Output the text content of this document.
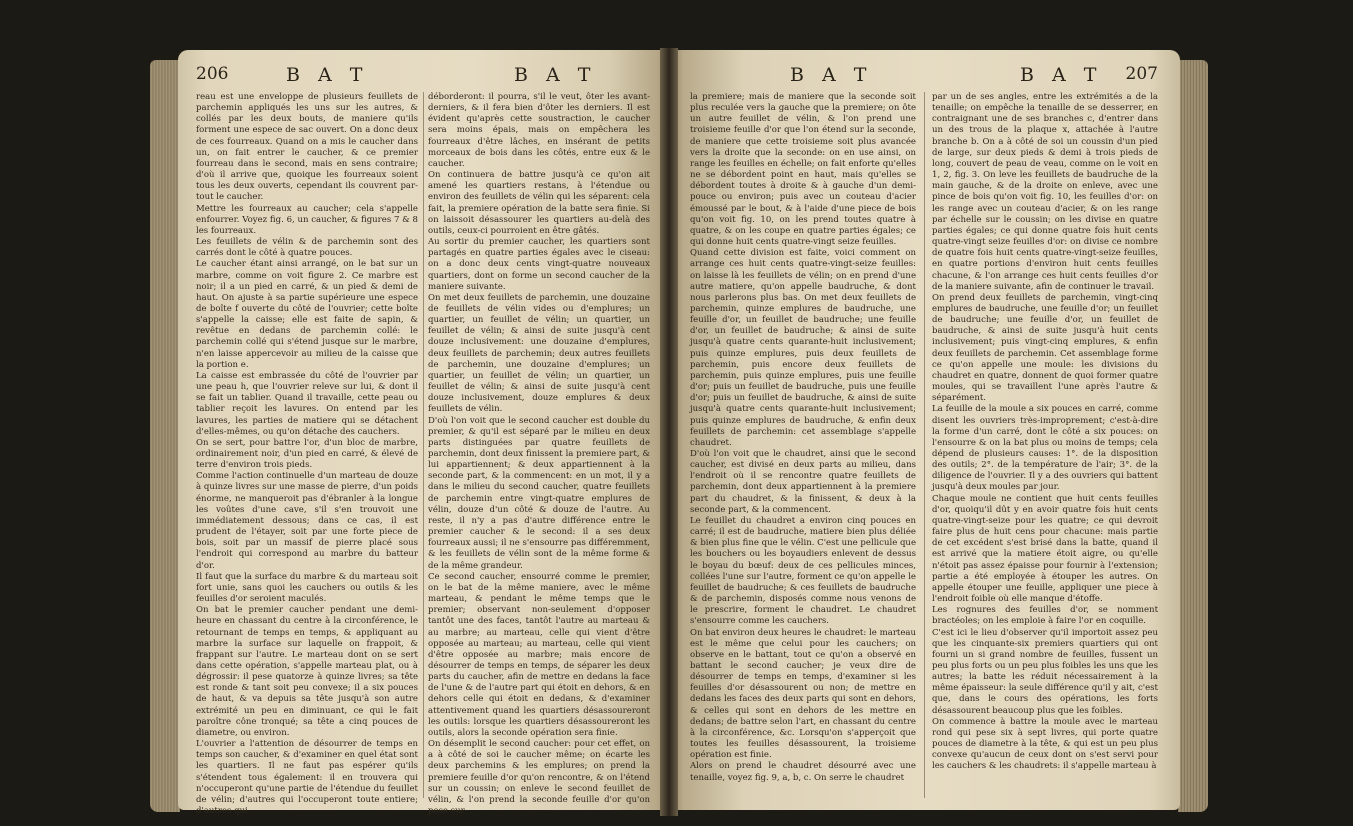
206	B A T	B A T
reau est une enveloppe de plusieurs feuillets de parchemin appliqués les uns sur les autres, & collés par les deux bouts, de maniere qu'ils forment une espece de sac ouvert. On a donc deux de ces fourreaux. Quand on a mis le caucher dans un, on fait entrer le caucher, & ce premier fourreau dans le second, mais en sens contraire; d'où il arrive que, quoique les fourreaux soient tous les deux ouverts, cependant ils couvrent par-tout le caucher.
Mettre les fourreaux au caucher; cela s'appelle enfourrer. Voyez fig. 6, un caucher, & figures 7 & 8 les fourreaux.
Les feuillets de vélin & de parchemin sont des carrés dont le côté à quatre pouces.
Le caucher étant ainsi arrangé, on le bat sur un marbre, comme on voit figure 2. Ce marbre est noir; il a un pied en carré, & un pied & demi de haut. On ajuste à sa partie supérieure une espece de boîte f ouverte du côté de l'ouvrier; cette boîte s'appelle la caisse; elle est faite de sapin, & revêtue en dedans de parchemin collé: le parchemin collé qui s'étend jusque sur le marbre, n'en laisse appercevoir au milieu de la caisse que la portion e.
La caisse est embrassée du côté de l'ouvrier par une peau h, que l'ouvrier releve sur lui, & dont il se fait un tablier. Quand il travaille, cette peau ou tablier reçoit les lavures. On entend par les lavures, les parties de matiere qui se détachent d'elles-mêmes, ou qu'on détache des cauchers.
On se sert, pour battre l'or, d'un bloc de marbre, ordinairement noir, d'un pied en carré, & élevé de terre d'environ trois pieds.
Comme l'action continuelle d'un marteau de douze à quinze livres sur une masse de pierre, d'un poids énorme, ne manqueroit pas d'ébranler à la longue les voûtes d'une cave, s'il s'en trouvoit une immédiatement dessous; dans ce cas, il est prudent de l'étayer, soit par une forte piece de bois, soit par un massif de pierre placé sous l'endroit qui correspond au marbre du batteur d'or.
Il faut que la surface du marbre & du marteau soit fort unie, sans quoi les cauchers ou outils & les feuilles d'or seroient maculés.
On bat le premier caucher pendant une demi-heure en chassant du centre à la circonférence, le retournant de temps en temps, & appliquant au marbre la surface sur laquelle on frappoit, & frappant sur l'autre. Le marteau dont on se sert dans cette opération, s'appelle marteau plat, ou à dégrossir: il pese quatorze à quinze livres; sa tête est ronde & tant soit peu convexe; il a six pouces de haut, & va depuis sa tête jusqu'à son autre extrémité un peu en diminuant, ce qui le fait paroître cône tronqué; sa tête a cinq pouces de diametre, ou environ.
L'ouvrier a l'attention de désourrer de temps en temps son caucher, & d'examiner en quel état sont les quartiers. Il ne faut pas espérer qu'ils s'étendent tous également: il en trouvera qui n'occuperont qu'une partie de l'étendue du feuillet de vélin; d'autres qui l'occuperont toute entiere; d'autres qui
déborderont: il pourra, s'il le veut, ôter les avant-derniers, & il fera bien d'ôter les derniers. Il est évident qu'après cette soustraction, le caucher sera moins épais, mais on empêchera les fourreaux d'être lâches, en insérant de petits morceaux de bois dans les côtés, entre eux & le caucher.
On continuera de battre jusqu'à ce qu'on ait amené les quartiers restans, à l'étendue ou environ des feuillets de vélin qui les séparent: cela fait, la premiere opération de la batte sera finie. Si on laissoit désassourer les quartiers au-delà des outils, ceux-ci pourroient en être gâtés.
Au sortir du premier caucher, les quartiers sont partagés en quatre parties égales avec le ciseau: on a donc deux cents vingt-quatre nouveaux quartiers, dont on forme un second caucher de la maniere suivante.
On met deux feuillets de parchemin, une douzaine de feuillets de vélin vides ou d'emplures; un quartier, un feuillet de vélin; un quartier, un feuillet de vélin; & ainsi de suite jusqu'à cent douze inclusivement: une douzaine d'emplures, deux feuillets de parchemin; deux autres feuillets de parchemin, une douzaine d'emplures; un quartier, un feuillet de vélin; un quartier, un feuillet de vélin; & ainsi de suite jusqu'à cent douze inclusivement, douze emplures & deux feuillets de vélin.
D'où l'on voit que le second caucher est double du premier, & qu'il est séparé par le milieu en deux parts distinguées par quatre feuillets de parchemin, dont deux finissent la premiere part, & lui appartiennent; & deux appartiennent à la seconde part, & la commencent: en un mot, il y a dans le milieu du second caucher, quatre feuillets de parchemin entre vingt-quatre emplures de vélin, douze d'un côté & douze de l'autre. Au reste, il n'y a pas d'autre différence entre le premier caucher & le second: il a ses deux fourreaux aussi; il ne s'ensourre pas différemment, & les feuillets de vélin sont de la même forme & de la même grandeur.
Ce second caucher, ensourré comme le premier, on le bat de la même maniere, avec le même marteau, & pendant le même temps que le premier; observant non-seulement d'opposer tantôt une des faces, tantôt l'autre au marteau & au marbre; au marteau, celle qui vient d'être opposée au marteau; au marteau, celle qui vient d'être opposée au marbre; mais encore de désourrer de temps en temps, de séparer les deux parts du caucher, afin de mettre en dedans la face de l'une & de l'autre part qui étoit en dehors, & en dehors celle qui étoit en dedans, & d'examiner attentivement quand les quartiers désassoureront les outils: lorsque les quartiers désassoureront les outils, alors la seconde opération sera finie.
On désemplit le second caucher: pour cet effet, on a à côté de soi le caucher même; on écarte les deux parchemins & les emplures; on prend la premiere feuille d'or qu'on rencontre, & on l'étend sur un coussin; on enleve le second feuillet de vélin, & l'on prend la seconde feuille d'or qu'on pose sur
B A T	B A T 207
la premiere; mais de maniere que la seconde soit plus reculée vers la gauche que la premiere; on ôte un autre feuillet de vélin, & l'on prend une troisieme feuille d'or que l'on étend sur la seconde, de maniere que cette troisieme soit plus avancée vers la droite que la seconde: on en use ainsi, on range les feuilles en échelle; on fait enforte qu'elles ne se débordent point en haut, mais qu'elles se débordent toutes à droite & à gauche d'un demi-pouce ou environ; puis avec un couteau d'acier émoussé par le bout, & à l'aide d'une piece de bois qu'on voit fig. 10, on les prend toutes quatre à quatre, & on les coupe en quatre parties égales; ce qui donne huit cents quatre-vingt seize feuilles.
Quand cette division est faite, voici comment on arrange ces huit cents quatre-vingt-seize feuilles: on laisse là les feuillets de vélin; on en prend d'une autre matiere, qu'on appelle baudruche, & dont nous parlerons plus bas. On met deux feuillets de parchemin, quinze emplures de baudruche, une feuille d'or, un feuillet de baudruche; une feuille d'or, un feuillet de baudruche; & ainsi de suite jusqu'à quatre cents quarante-huit inclusivement; puis quinze emplures, puis deux feuillets de parchemin, puis encore deux feuillets de parchemin, puis quinze emplures, puis une feuille d'or; puis un feuillet de baudruche, puis une feuille d'or; puis un feuillet de baudruche, & ainsi de suite jusqu'à quatre cents quarante-huit inclusivement; puis quinze emplures de baudruche, & enfin deux feuillets de parchemin: cet assemblage s'appelle chaudret.
D'où l'on voit que le chaudret, ainsi que le second caucher, est divisé en deux parts au milieu, dans l'endroit où il se rencontre quatre feuillets de parchemin, dont deux appartiennent à la premiere part du chaudret, & la finissent, & deux à la seconde part, & la commencent.
Le feuillet du chaudret a environ cinq pouces en carré; il est de baudruche, matiere bien plus déliée & bien plus fine que le vélin. C'est une pellicule que les bouchers ou les boyaudiers enlevent de dessus le boyau du bœuf: deux de ces pellicules minces, collées l'une sur l'autre, forment ce qu'on appelle le feuillet de baudruche; & ces feuillets de baudruche & de parchemin, disposés comme nous venons de le prescrire, forment le chaudret. Le chaudret s'ensourre comme les cauchers.
On bat environ deux heures le chaudret: le marteau est le même que celui pour les cauchers; on observe en le battant, tout ce qu'on a observé en battant le second caucher; je veux dire de désourrer de temps en temps, d'examiner si les feuilles d'or désassourent ou non; de mettre en dedans les faces des deux parts qui sont en dehors, & celles qui sont en dehors de les mettre en dedans; de battre selon l'art, en chassant du centre à la circonférence, &c. Lorsqu'on s'apperçoit que toutes les feuilles désassourent, la troisieme opération est finie.
Alors on prend le chaudret désourré avec une tenaille, voyez fig. 9, a, b, c. On serre le chaudret
par un de ses angles, entre les extrémités a de la tenaille; on empêche la tenaille de se desserrer, en contraignant une de ses branches c, d'entrer dans un des trous de la plaque x, attachée à l'autre branche b. On a à côté de soi un coussin d'un pied de large, sur deux pieds & demi à trois pieds de long, couvert de peau de veau, comme on le voit en 1, 2, fig. 3. On leve les feuillets de baudruche de la main gauche, & de la droite on enleve, avec une pince de bois qu'on voit fig. 10, les feuilles d'or: on les range avec un couteau d'acier, & on les range par échelle sur le coussin; on les divise en quatre parties égales; ce qui donne quatre fois huit cents quatre-vingt seize feuilles d'or: on divise ce nombre de quatre fois huit cents quatre-vingt-seize feuilles, en quatre portions d'environ huit cents feuilles chacune, & l'on arrange ces huit cents feuilles d'or de la maniere suivante, afin de continuer le travail.
On prend deux feuillets de parchemin, vingt-cinq emplures de baudruche, une feuille d'or; un feuillet de baudruche; une feuille d'or, un feuillet de baudruche, & ainsi de suite jusqu'à huit cents inclusivement; puis vingt-cinq emplures, & enfin deux feuillets de parchemin. Cet assemblage forme ce qu'on appelle une moule: les divisions du chaudret en quatre, donnent de quoi former quatre moules, qui se travaillent l'une après l'autre & séparément.
La feuille de la moule a six pouces en carré, comme disent les ouvriers très-improprement; c'est-à-dire la forme d'un carré, dont le côté a six pouces: on l'ensourre & on la bat plus ou moins de temps; cela dépend de plusieurs causes: 1°. de la disposition des outils; 2°. de la température de l'air; 3°. de la diligence de l'ouvrier. Il y a des ouvriers qui battent jusqu'à deux moules par jour.
Chaque moule ne contient que huit cents feuilles d'or, quoiqu'il dût y en avoir quatre fois huit cents quatre-vingt-seize pour les quatre; ce qui devroit faire plus de huit cens pour chacune: mais partie de cet excédent s'est brisé dans la batte, quand il est arrivé que la matiere étoit aigre, ou qu'elle n'étoit pas assez épaisse pour fournir à l'extension; partie a été employée à étouper les autres. On appelle étouper une feuille, appliquer une piece à l'endroit foible où elle manque d'étoffe.
Les rognures des feuilles d'or, se nomment bractéoles; on les emploie à faire l'or en coquille.
C'est ici le lieu d'observer qu'il importoit assez peu que les cinquante-six premiers quartiers qui ont fourni un si grand nombre de feuilles, fussent un peu plus forts ou un peu plus foibles les uns que les autres; la batte les réduit nécessairement à la même épaisseur: la seule différence qu'il y ait, c'est que, dans le cours des opérations, les forts désassourent beaucoup plus que les foibles.
On commence à battre la moule avec le marteau rond qui pese six à sept livres, qui porte quatre pouces de diametre à la tête, & qui est un peu plus convexe qu'aucun de ceux dont on s'est servi pour les cauchers & les chaudrets: il s'appelle marteau à
